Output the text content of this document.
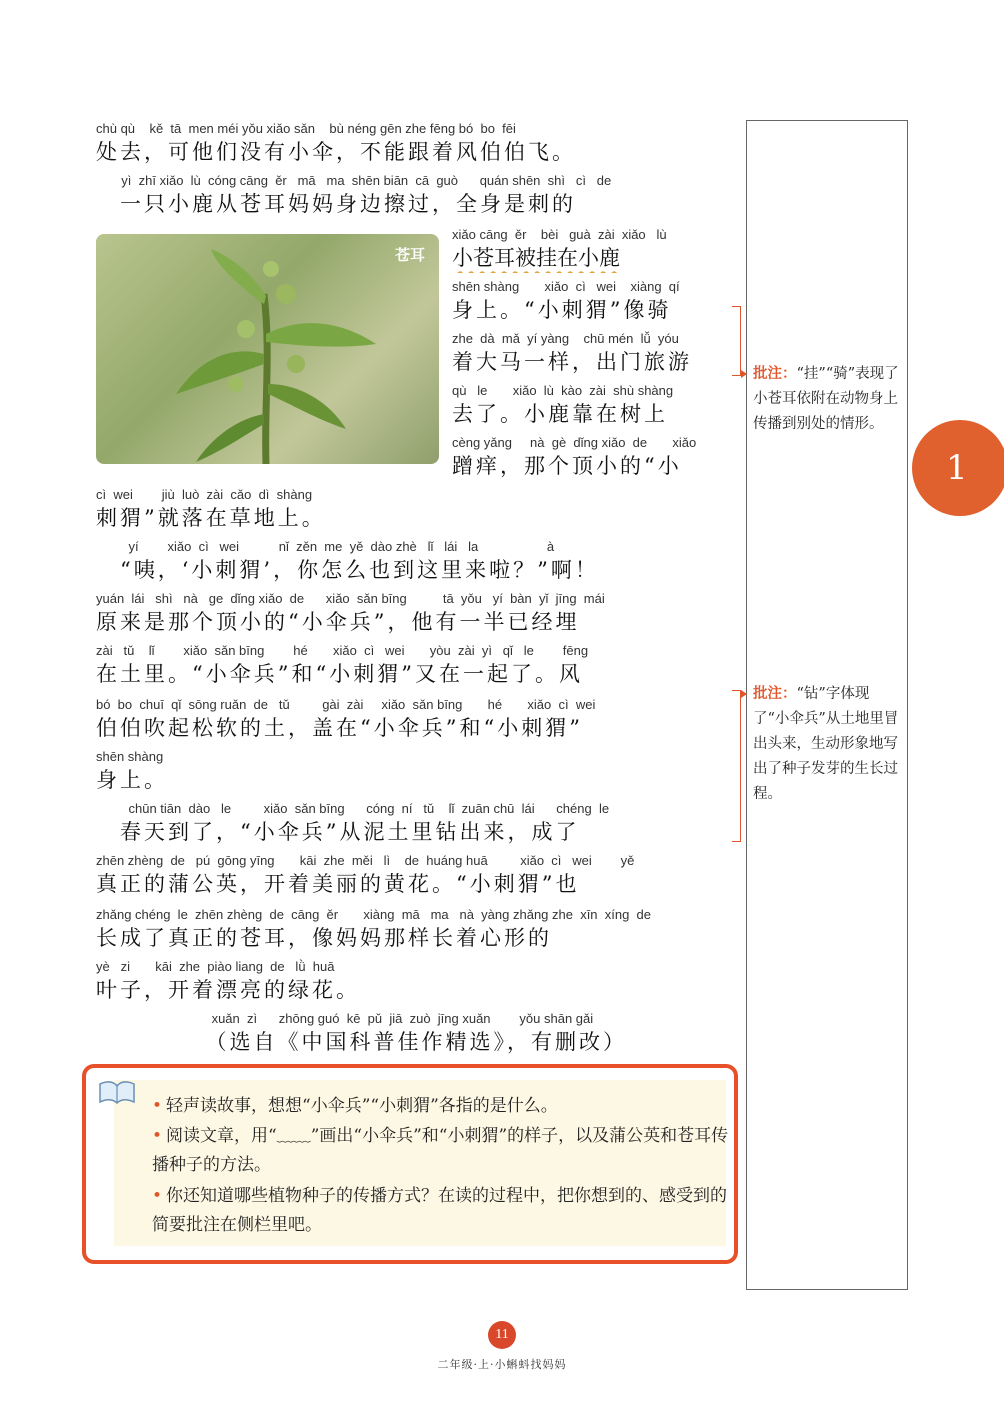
chù qù    kě  tā  men méi yǒu xiǎo sǎn    bù néng gēn zhe fēng bó  bo  fēi
处去，可他们没有小伞，不能跟着风伯伯飞。
yì  zhī xiǎo  lù  cóng cāng  ěr   mā   ma  shēn biān  cā  guò      quán shēn  shì   cì   de
　一只小鹿从苍耳妈妈身边擦过，全身是刺的
苍耳
xiǎo cāng  ěr    bèi   guà  zài  xiǎo   lù
小苍耳被挂在小鹿
shēn shàng       xiǎo  cì   wei    xiàng  qí
身上。“小刺猬”像骑
zhe  dà  mǎ  yí yàng    chū mén  lǚ  yóu
着大马一样，出门旅游
qù   le       xiǎo  lù  kào  zài  shù shàng
去了。小鹿靠在树上
cèng yǎng     nà  gè  dǐng xiǎo  de       xiǎo
蹭痒，那个顶小的“小
cì  wei        jiù  luò  zài  cǎo  dì  shàng
刺猬”就落在草地上。
yí        xiǎo  cì   wei           nǐ  zěn  me  yě  dào zhè   lǐ   lái   la                   à
　“咦，‘小刺猬’，你怎么也到这里来啦？”啊！
yuán  lái   shì   nà   ge  dǐng xiǎo  de      xiǎo  sǎn bīng          tā  yǒu   yí  bàn  yǐ  jīng  mái
原来是那个顶小的“小伞兵”，他有一半已经埋
zài   tǔ    lǐ        xiǎo  sǎn bīng        hé       xiǎo  cì   wei       yòu  zài  yì   qǐ   le        fēng
在土里。“小伞兵”和“小刺猬”又在一起了。风
bó  bo  chuī  qǐ  sōng ruǎn  de   tǔ         gài  zài     xiǎo  sǎn bīng       hé       xiǎo  cì  wei
伯伯吹起松软的土，盖在“小伞兵”和“小刺猬”
shēn shàng
身上。
chūn tiān  dào   le         xiǎo  sǎn bīng      cóng  ní   tǔ    lǐ  zuān chū  lái      chéng  le
　春天到了，“小伞兵”从泥土里钻出来，成了
zhēn zhèng  de   pú  gōng yīng       kāi  zhe  měi   lì    de  huáng huā         xiǎo  cì   wei        yě
真正的蒲公英，开着美丽的黄花。“小刺猬”也
zhǎng chéng  le  zhēn zhèng  de  cāng  ěr       xiàng  mā   ma   nà  yàng zhǎng zhe  xīn  xíng  de
长成了真正的苍耳，像妈妈那样长着心形的
yè   zi       kāi  zhe  piào liang  de   lǜ  huā
叶子，开着漂亮的绿花。
xuǎn  zì      zhōng guó  kē  pǔ  jiā  zuò  jīng xuǎn        yǒu shān gǎi
　　　　　（选自《中国科普佳作精选》，有删改）
批注：“挂”“骑”表现了小苍耳依附在动物身上传播到别处的情形。
批注：“钻”字体现了“小伞兵”从土地里冒出头来，生动形象地写出了种子发芽的生长过程。
1
• 轻声读故事，想想“小伞兵”“小刺猬”各指的是什么。
• 阅读文章，用“﹏﹏”画出“小伞兵”和“小刺猬”的样子，以及蒲公英和苍耳传播种子的方法。
• 你还知道哪些植物种子的传播方式？在读的过程中，把你想到的、感受到的简要批注在侧栏里吧。
11
二年级·上·小蝌蚪找妈妈
